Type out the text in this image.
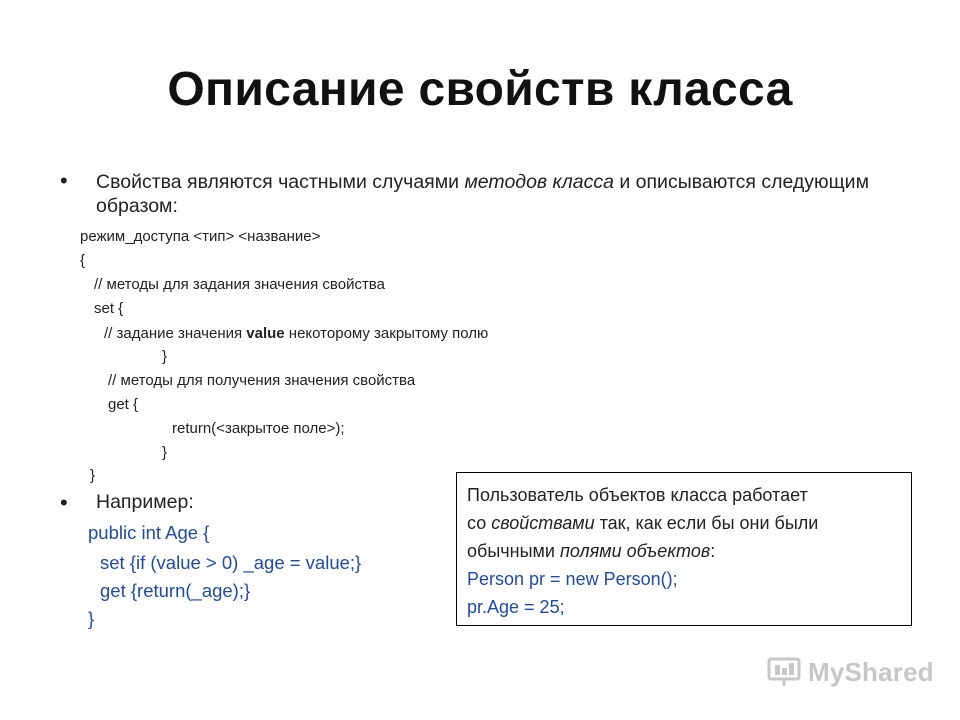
Описание свойств класса
• Свойства являются частными случаями методов класса и описываются следующим образом:
режим_доступа <тип> <название>
{
// методы для задания значения свойства
set {
// задание значения value некоторому закрытому полю
}
// методы для получения значения свойства
get {
return(<закрытое поле>);
}
}
• Например:
public int Age {
set {if (value > 0) _age = value;}
get {return(_age);}
}
Пользователь объектов класса работает
со свойствами так, как если бы они были
обычными полями объектов:
Person pr = new Person();
pr.Age = 25;
MyShared
